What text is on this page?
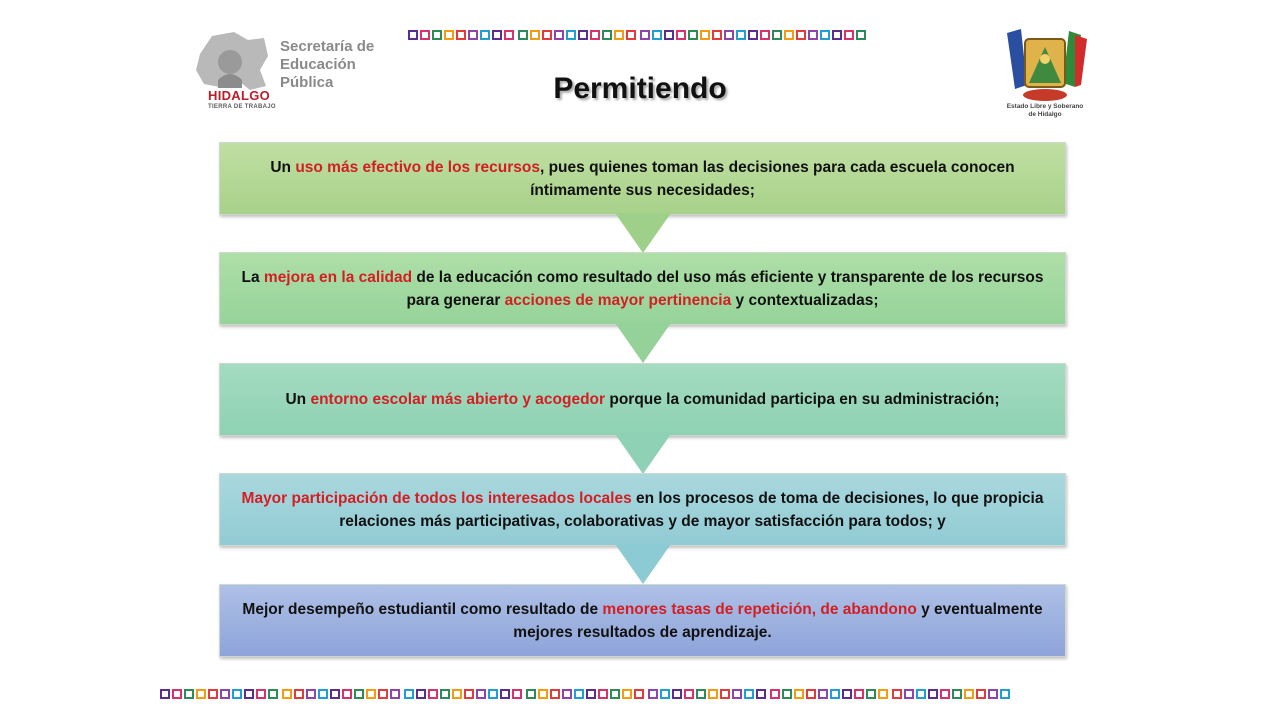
Secretaría de
Educación
Pública
HIDALGO
TIERRA DE TRABAJO	Estado Libre y Soberano
de Hidalgo
Permitiendo
Un uso más efectivo de los recursos, pues quienes toman las decisiones para cada escuela conocen íntimamente sus necesidades;
La mejora en la calidad de la educación como resultado del uso más eficiente y transparente de los recursos para generar acciones de mayor pertinencia y contextualizadas;
Un entorno escolar más abierto y acogedor porque la comunidad participa en su administración;
Mayor participación de todos los interesados locales en los procesos de toma de decisiones, lo que propicia relaciones más participativas, colaborativas y de mayor satisfacción para todos; y
Mejor desempeño estudiantil como resultado de menores tasas de repetición, de abandono y eventualmente mejores resultados de aprendizaje.
